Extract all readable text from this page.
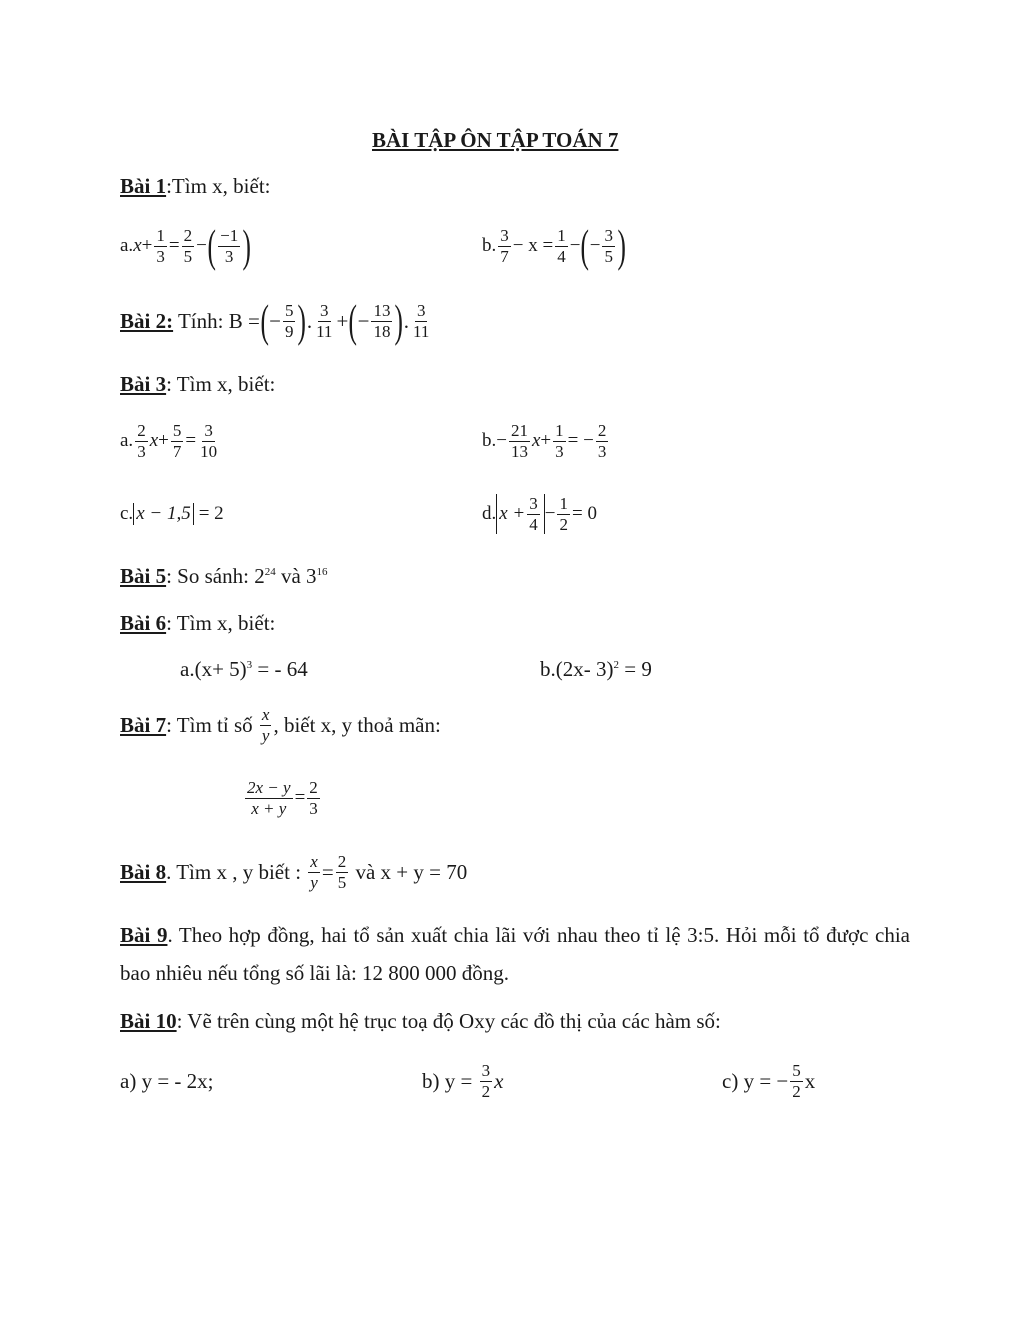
BÀI TẬP ÔN TẬP TOÁN 7
Bài 1:Tìm x, biết:
a. $x + \frac{1}{3} = \frac{2}{5}$ − ( $\frac{-1}{3}$ )	b. $\frac{3}{7} - x = \frac{1}{4}$ − ( − $\frac{3}{5}$ )
Bài 2: Tính: B = ( − $\frac{5}{9}$ ) . $\frac{3}{11}$ + ( − $\frac{13}{18}$ ) . $\frac{3}{11}$
Bài 3: Tìm x, biết:
a. $\frac{2}{3}$ $x + \frac{5}{7} = \frac{3}{10}$	b. − $\frac{21}{13}$ $x + \frac{1}{3}$ = − $\frac{2}{3}$
c. x − 1,5 = 2	d. $x + \frac{3}{4} - \frac{1}{2} = 0$
Bài 5: So sánh: $2^{24}$ và $3^{16}$
Bài 6: Tìm x, biết:
$a.(x+ 5)^3$ = - 64	b.(2x- 3)$^2$ = 9
Bài 7 : Tìm tỉ số $\frac{x}{y}$ , biết x, y thoả mãn:
$\frac{2x - y}{x + y} = \frac{2}{3}$
Bài 8 . Tìm x , y biết : $\frac{x}{y} = \frac{2}{5}$ và x + y = 70
Bài 9. Theo hợp đồng, hai tổ sản xuất chia lãi với nhau theo tỉ lệ 3:5. Hỏi mỗi tổ được chia bao nhiêu nếu tổng số lãi là: 12 800 000 đồng.
Bài 10: Vẽ trên cùng một hệ trục toạ độ Oxy các đồ thị của các hàm số:
a) y = - 2x;	b) $y = \frac{3}{2}$ x	c) y = − $\frac{5}{2}$ x
